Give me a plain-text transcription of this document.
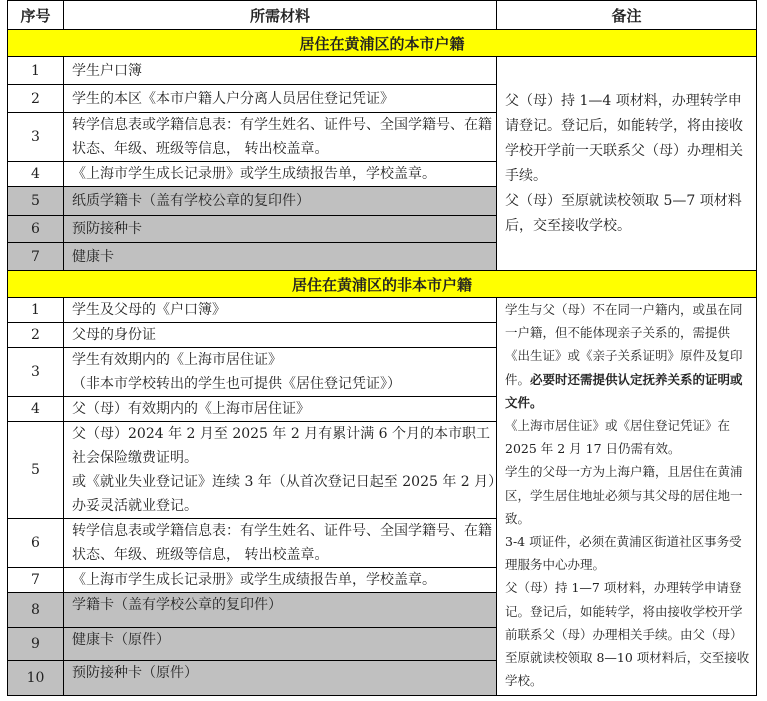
序号	所需材料	备注
居住在黄浦区的本市户籍		
1	学生户口簿	父（母）持 1—4 项材料，办理转学申请登记。登记后，如能转学，将由接收学校开学前一天联系父（母）办理相关手续。
父（母）至原就读校领取 5—7 项材料后，交至接收学校。

2	学生的本区《本市户籍人户分离人员居住登记凭证》	
3	转学信息表或学籍信息表：有学生姓名、证件号、全国学籍号、在籍状态、年级、班级等信息， 转出校盖章。	
4	《上海市学生成长记录册》或学生成绩报告单，学校盖章。	
5	纸质学籍卡（盖有学校公章的复印件）	
6	预防接种卡	
7	健康卡	
居住在黄浦区的非本市户籍		
1	学生及父母的《户口簿》	学生与父（母）不在同一户籍内，或虽在同一户籍，但不能体现亲子关系的，需提供《出生证》或《亲子关系证明》原件及复印件。必要时还需提供认定抚养关系的证明或文件。
《上海市居住证》或《居住登记凭证》在 2025 年 2 月 17 日仍需有效。
学生的父母一方为上海户籍，且居住在黄浦区，学生居住地址必须与其父母的居住地一致。
3-4 项证件，必须在黄浦区街道社区事务受理服务中心办理。
父（母）持 1—7 项材料，办理转学申请登记。登记后，如能转学，将由接收学校开学前联系父（母）办理相关手续。由父（母）至原就读校领取 8—10 项材料后，交至接收学校。

2	父母的身份证	
3	学生有效期内的《上海市居住证》
（非本市学校转出的学生也可提供《居住登记凭证》）	

4	父（母）有效期内的《上海市居住证》	
5	父（母）2024 年 2 月至 2025 年 2 月有累计满 6 个月的本市职工社会保险缴费证明。
或《就业失业登记证》连续 3 年（从首次登记日起至 2025 年 2 月）办妥灵活就业登记。	

6	转学信息表或学籍信息表：有学生姓名、证件号、全国学籍号、在籍状态、年级、班级等信息， 转出校盖章。	
7	《上海市学生成长记录册》或学生成绩报告单，学校盖章。	
8	学籍卡（盖有学校公章的复印件）	
9	健康卡（原件）	
10	预防接种卡（原件）	
